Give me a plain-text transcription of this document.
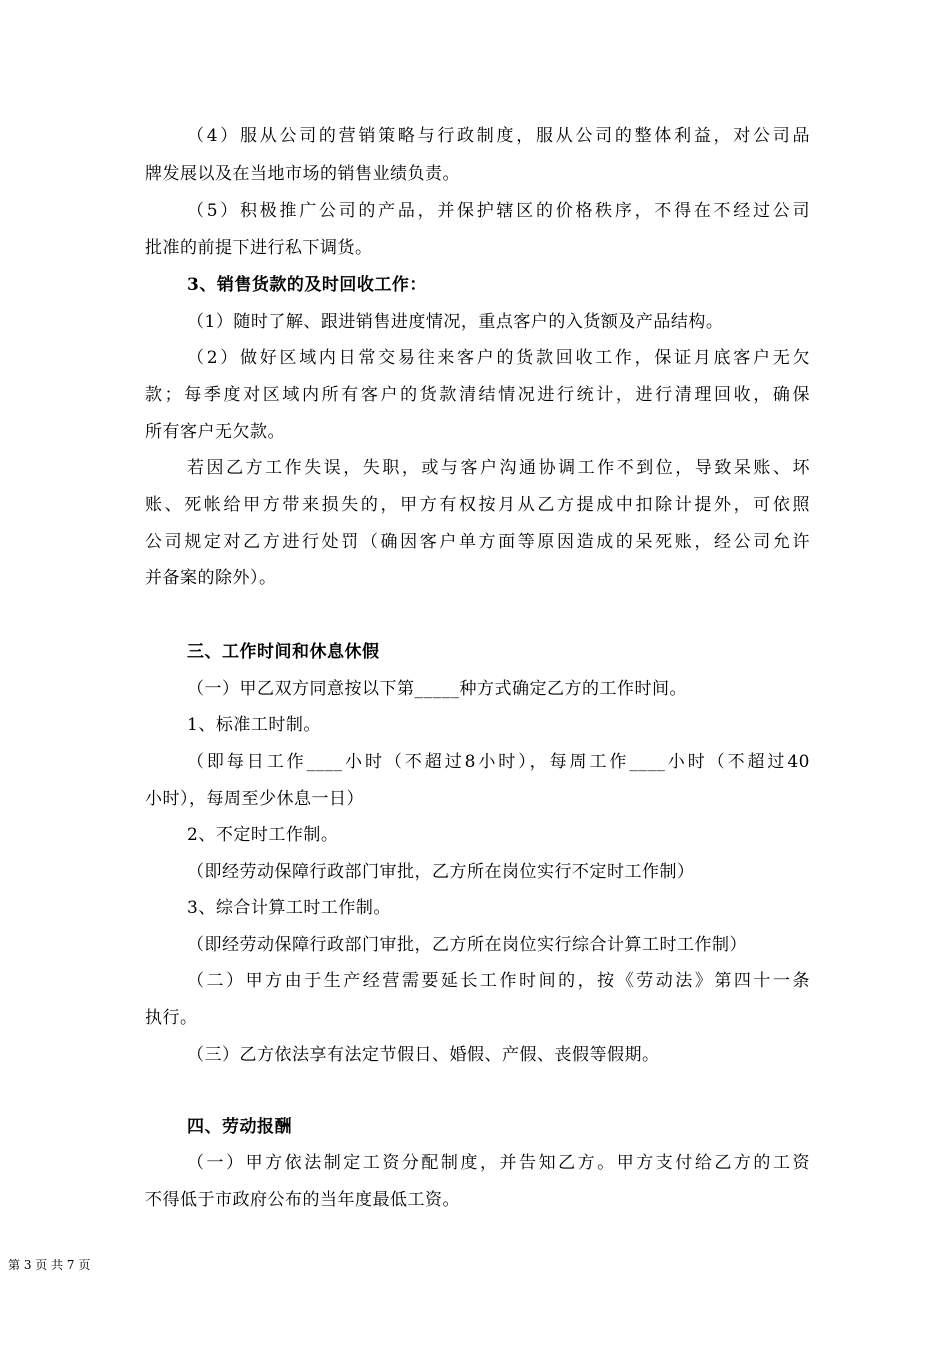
（4）服从公司的营销策略与行政制度，服从公司的整体利益，对公司品
牌发展以及在当地市场的销售业绩负责。
（5）积极推广公司的产品，并保护辖区的价格秩序，不得在不经过公司
批准的前提下进行私下调货。
3、销售货款的及时回收工作：
（1）随时了解、跟进销售进度情况，重点客户的入货额及产品结构。
（2）做好区域内日常交易往来客户的货款回收工作，保证月底客户无欠
款；每季度对区域内所有客户的货款清结情况进行统计，进行清理回收，确保
所有客户无欠款。
若因乙方工作失误，失职，或与客户沟通协调工作不到位，导致呆账、坏
账、死帐给甲方带来损失的，甲方有权按月从乙方提成中扣除计提外，可依照
公司规定对乙方进行处罚（确因客户单方面等原因造成的呆死账，经公司允许
并备案的除外）。
三、工作时间和休息休假
（一）甲乙双方同意按以下第_____种方式确定乙方的工作时间。
1、标准工时制。
（即每日工作____小时（不超过8小时），每周工作____小时（不超过40
小时），每周至少休息一日）
2、不定时工作制。
（即经劳动保障行政部门审批，乙方所在岗位实行不定时工作制）
3、综合计算工时工作制。
（即经劳动保障行政部门审批，乙方所在岗位实行综合计算工时工作制）
（二）甲方由于生产经营需要延长工作时间的，按《劳动法》第四十一条
执行。
（三）乙方依法享有法定节假日、婚假、产假、丧假等假期。
四、劳动报酬
（一）甲方依法制定工资分配制度，并告知乙方。甲方支付给乙方的工资
不得低于市政府公布的当年度最低工资。
第 3 页 共 7 页
